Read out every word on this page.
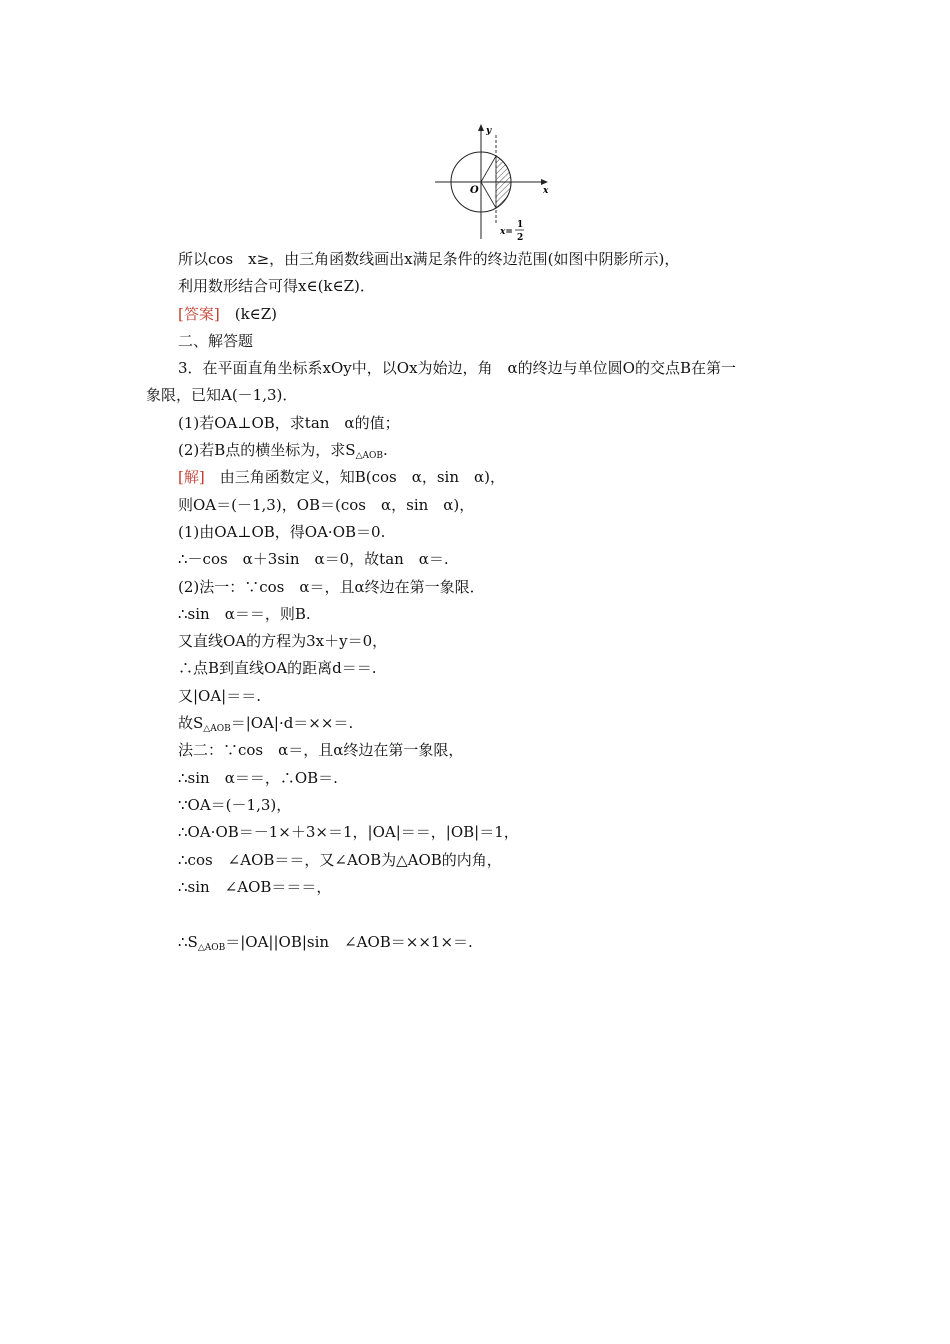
y
x
O
x=
1
2
所以cos　x≥，由三角函数线画出x满足条件的终边范围(如图中阴影所示)，
利用数形结合可得x∈(k∈Z)．
[答案]　(k∈Z)
二、解答题
3．在平面直角坐标系xOy中，以Ox为始边，角　α的终边与单位圆O的交点B在第一
象限，已知A(－1,3)．
(1)若OA⊥OB，求tan　α的值；
(2)若B点的横坐标为，求$S_{\triangle AOB}$.
[解]　由三角函数定义，知B(cos　α，sin　α)，
则OA＝(－1,3)，OB＝(cos　α，sin　α)，
(1)由OA⊥OB，得OA·OB＝0.
∴－cos　α＋3sin　α＝0，故tan　α＝.
(2)法一：∵cos　α＝，且α终边在第一象限．
∴sin　α＝＝，则B.
又直线OA的方程为3x＋y＝0，
∴点B到直线OA的距离d＝＝.
又|OA|＝＝.
故$S_{\triangle AOB}=|OA|\cdot d=\times\times=$.
法二：∵cos　α＝，且α终边在第一象限，
∴sin　α＝＝，∴OB＝.
∵OA＝(－1,3)，
∴OA·OB＝－1×＋3×＝1，|OA|＝＝，|OB|＝1，
∴cos　∠AOB＝＝，又∠AOB为△AOB的内角，
∴sin　∠AOB＝＝＝，
$\therefore S_{\triangle AOB}=|OA||OB|\sin$　∠AOB＝××1×＝.
